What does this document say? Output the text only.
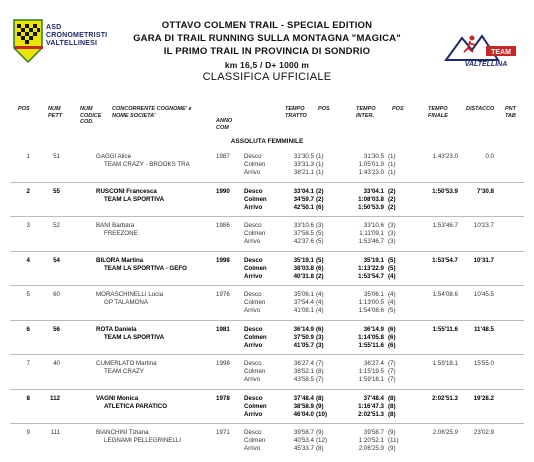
ASD
CRONOMETRISTI
VALTELLINESI
TEAM
VALTELLINA
OTTAVO COLMEN TRAIL - SPECIAL EDITION
GARA DI TRAIL RUNNING SULLA MONTAGNA "MAGICA"
IL PRIMO TRAIL IN PROVINCIA DI SONDRIO
km 16,5 / D+ 1000 m
CLASSIFICA UFFICIALE
POS	NUM PETT
NUM CODICE COD.
CONCORRENTE COGNOME' e NOME SOCIETA'
ANNO COM
TEMPO TRATTO
POS	TEMPO INTER.
POS	TEMPO FINALE
DISTACCO PNT TAB
ASSOLUTA FEMMINILE
1	51	GAGGI Alice
TEAM CRAZY - BROOKS TRA
1987 Desco	31'30.5 (1)	31'30.5 (1)
Colmen	33'31.3 (1)	1:05'01.9 (1)
Arrivo	38'21.1 (1)	1:43'23.0 (1)
1:43'23.0	0.0
2	55	RUSCONI Francesca
TEAM LA SPORTIVA
1990 Desco	33'04.1 (2)	33'04.1 (2)
Colmen	34'59.7 (2)	1:08'03.8 (2)
Arrivo	42'50.1 (6)	1:50'53.9 (2)
1:50'53.9	7'30.8
3	52	BANI Barbara
FREEZONE
1986 Desco	33'10.6 (3)	33'10.6 (3)
Colmen	37'58.5 (5)	1:11'09.1 (3)
Arrivo	42'37.6 (5)	1:53'46.7 (3)
1:53'46.7	10'23.7
4	54	BILORA Martina
TEAM LA SPORTIVA - GEFO
1998 Desco	35'19.1 (5)	35'19.1 (5)
Colmen	38'03.8 (6)	1:13'22.9 (5)
Arrivo	40'31.8 (2)	1:53'54.7 (4)
1:53'54.7	10'31.7
5	60	MORASCHINELLI Lucia
GP TALAMONA
1976 Desco	35'06.1 (4)	35'06.1 (4)
Colmen	37'54.4 (4)	1:13'00.5 (4)
Arrivo	41'08.1 (4)	1:54'08.6 (5)
1:54'08.6	10'45.5
6	56	ROTA Daniela
TEAM LA SPORTIVA
1981 Desco	36'14.9 (6)	36'14.9 (6)
Colmen	37'50.9 (3)	1:14'05.8 (6)
Arrivo	41'05.7 (3)	1:55'11.6 (6)
1:55'11.6	11'48.5
7	40	CUMERLATO Martina
TEAM CRAZY
1998 Desco	36'27.4 (7)	36'27.4 (7)
Colmen	38'52.1 (8)	1:15'19.5 (7)
Arrivo	43'58.5 (7)	1:59'18.1 (7)
1:59'18.1	15'55.0
8	112	VAGNI Monica
ATLETICA PARATICO
1978 Desco	37'48.4 (8)	37'48.4 (8)
Colmen	38'58.9 (9)	1:16'47.3 (8)
Arrivo	46'04.0 (10)	2:02'51.3 (8)
2:02'51.3	19'28.2
9	111	BIANCHINI Tiziana
LEGNAMI PELLEGRINELLI
1971 Desco	39'58.7 (9)	39'58.7 (9)
Colmen	40'53.4 (12)	1:20'52.1 (11)
Arrivo	45'33.7 (8)	2:06'25.9 (9)
2:06'25.9	23'02.9
